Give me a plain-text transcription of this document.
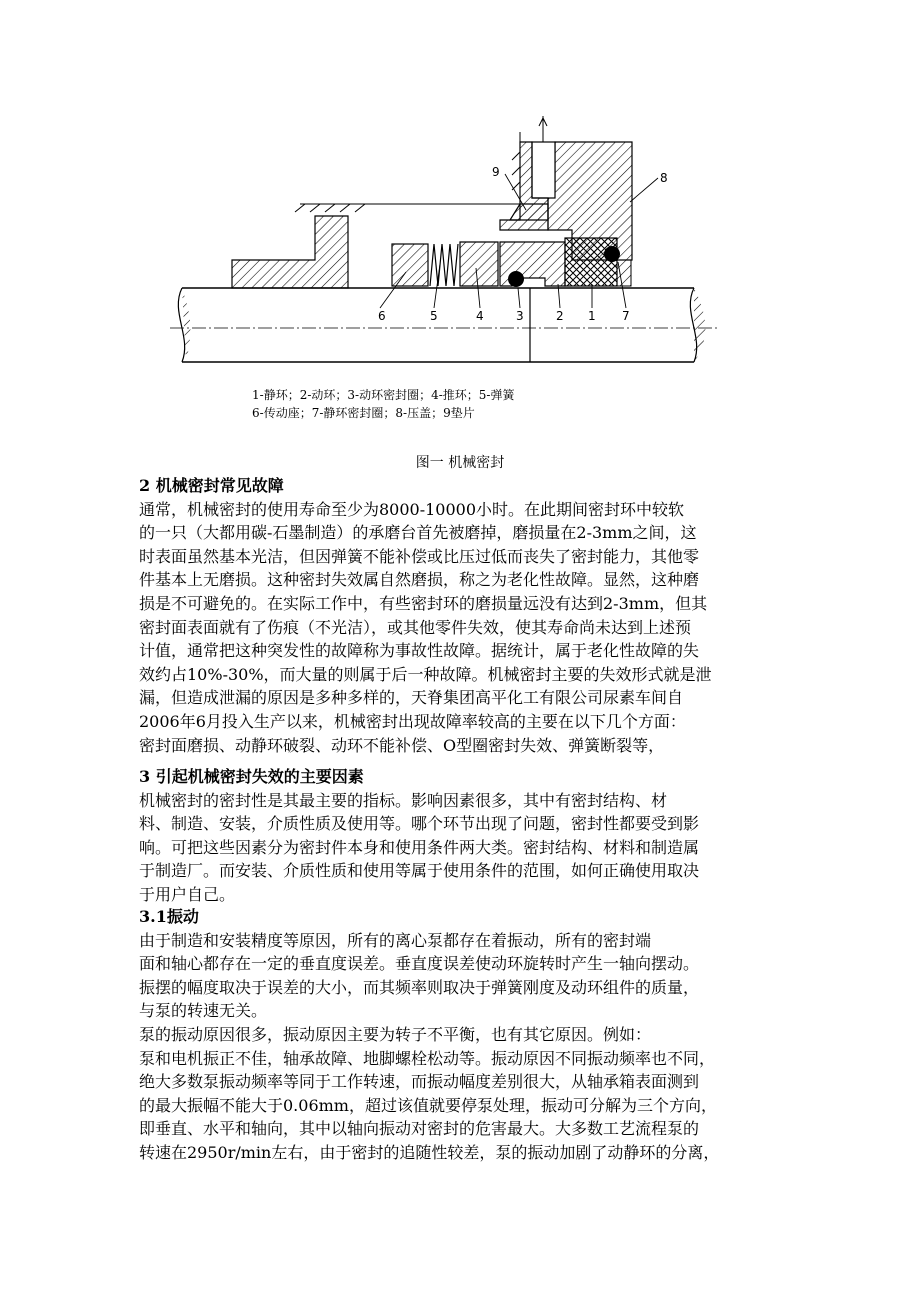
9	8
6	5	4	3	2 1 7
1-静环；2-动环；3-动环密封圈；4-推环；5-弹簧
6-传动座；7-静环密封圈；8-压盖；9垫片
图一 机械密封
2 机械密封常见故障
通常，机械密封的使用寿命至少为8000-10000小时。在此期间密封环中较软
的一只（大都用碳-石墨制造）的承磨台首先被磨掉，磨损量在2-3mm之间，这
时表面虽然基本光洁，但因弹簧不能补偿或比压过低而丧失了密封能力，其他零
件基本上无磨损。这种密封失效属自然磨损，称之为老化性故障。显然，这种磨
损是不可避免的。在实际工作中，有些密封环的磨损量远没有达到2-3mm，但其
密封面表面就有了伤痕（不光洁），或其他零件失效，使其寿命尚未达到上述预
计值，通常把这种突发性的故障称为事故性故障。据统计，属于老化性故障的失
效约占10%-30%，而大量的则属于后一种故障。机械密封主要的失效形式就是泄
漏，但造成泄漏的原因是多种多样的，天脊集团高平化工有限公司尿素车间自
2006年6月投入生产以来，机械密封出现故障率较高的主要在以下几个方面：
密封面磨损、动静环破裂、动环不能补偿、O型圈密封失效、弹簧断裂等，
3 引起机械密封失效的主要因素
机械密封的密封性是其最主要的指标。影响因素很多，其中有密封结构、材
料、制造、安装，介质性质及使用等。哪个环节出现了问题，密封性都要受到影
响。可把这些因素分为密封件本身和使用条件两大类。密封结构、材料和制造属
于制造厂。而安装、介质性质和使用等属于使用条件的范围，如何正确使用取决
于用户自己。
3.1振动
由于制造和安装精度等原因，所有的离心泵都存在着振动，所有的密封端
面和轴心都存在一定的垂直度误差。垂直度误差使动环旋转时产生一轴向摆动。
振摆的幅度取决于误差的大小，而其频率则取决于弹簧刚度及动环组件的质量，
与泵的转速无关。
泵的振动原因很多，振动原因主要为转子不平衡，也有其它原因。例如：
泵和电机振正不佳，轴承故障、地脚螺栓松动等。振动原因不同振动频率也不同，
绝大多数泵振动频率等同于工作转速，而振动幅度差别很大，从轴承箱表面测到
的最大振幅不能大于0.06mm，超过该值就要停泵处理，振动可分解为三个方向，
即垂直、水平和轴向，其中以轴向振动对密封的危害最大。大多数工艺流程泵的
转速在2950r/min左右，由于密封的追随性较差，泵的振动加剧了动静环的分离，
